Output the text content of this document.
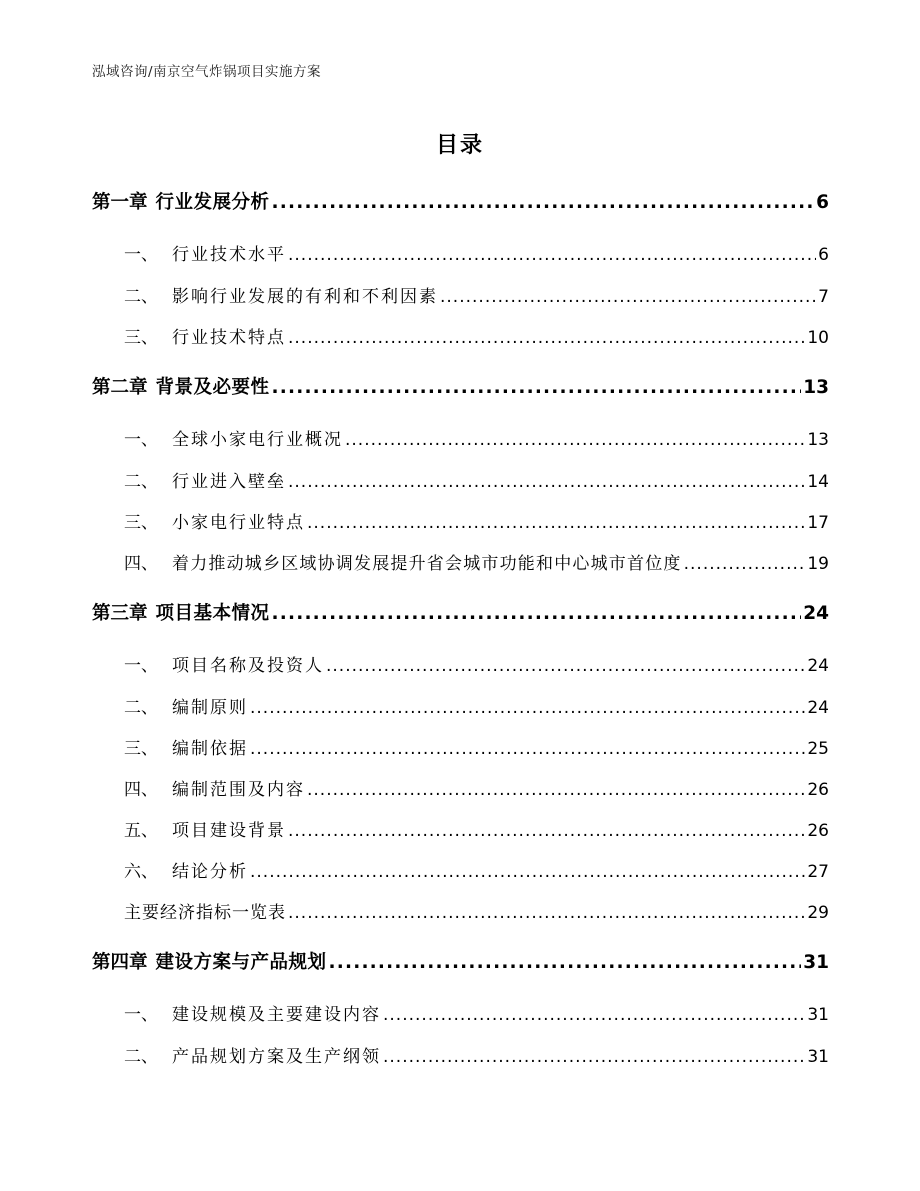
泓域咨询/南京空气炸锅项目实施方案
目录
第一章 行业发展分析 .....	6
一、 行业技术水平 .....	6
二、 影响行业发展的有利和不利因素 .....	7
三、 行业技术特点 .....	10
第二章 背景及必要性 .....	13
一、 全球小家电行业概况 .....	13
二、 行业进入壁垒 .....	14
三、 小家电行业特点 .....	17
四、 着力推动城乡区域协调发展提升省会城市功能和中心城市首位度 .....	19
第三章 项目基本情况 .....	24
一、 项目名称及投资人 .....	24
二、 编制原则 .....	24
三、 编制依据 .....	25
四、 编制范围及内容 .....	26
五、 项目建设背景 .....	26
六、 结论分析 .....	27
主要经济指标一览表 .....	29
第四章 建设方案与产品规划 .....	31
一、 建设规模及主要建设内容 .....	31
二、 产品规划方案及生产纲领 .....	31
